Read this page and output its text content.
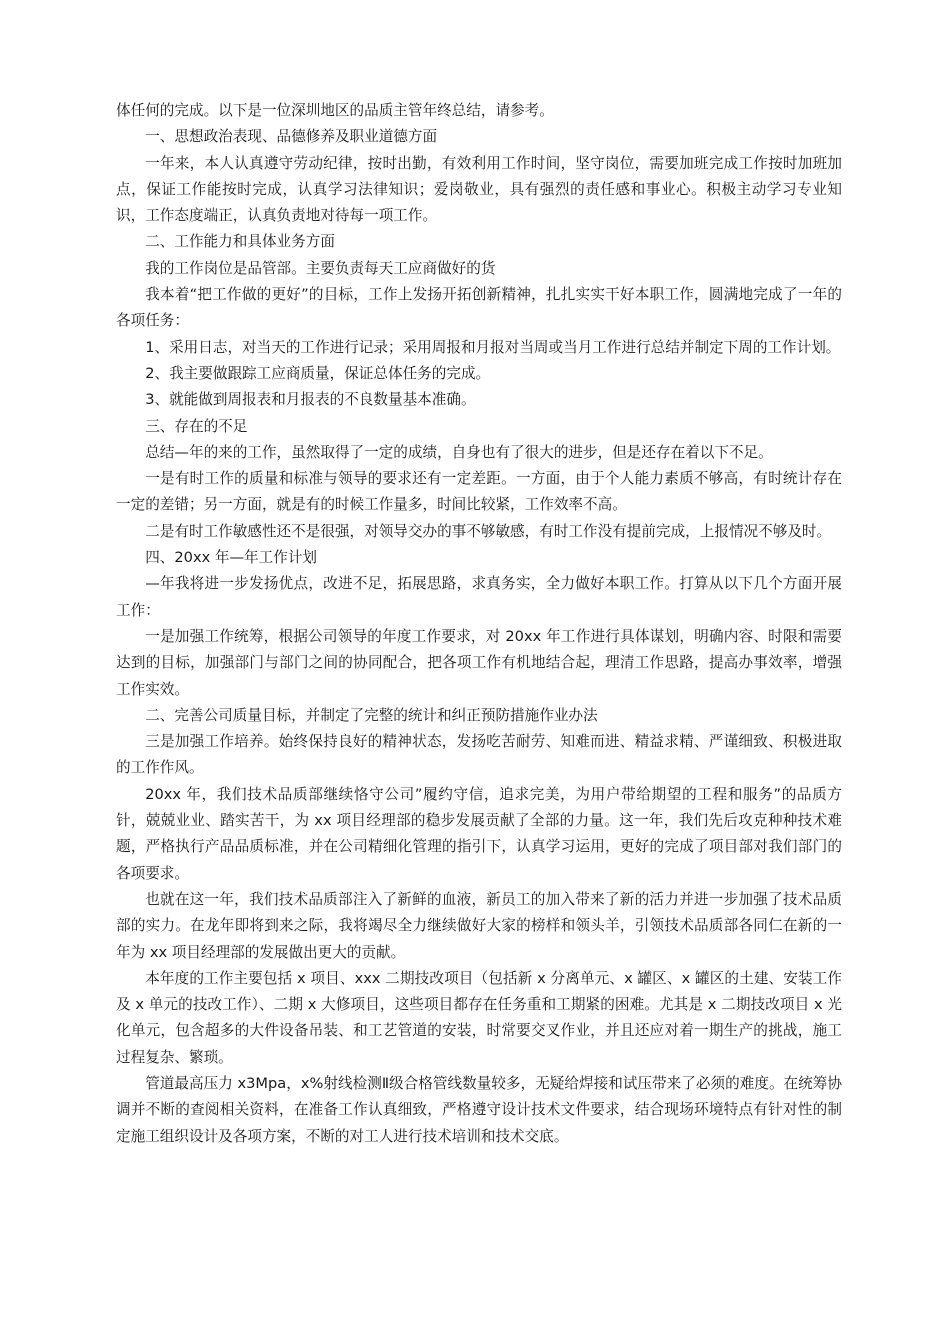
体任何的完成。以下是一位深圳地区的品质主管年终总结，请参考。

一、思想政治表现、品德修养及职业道德方面

一年来，本人认真遵守劳动纪律，按时出勤，有效利用工作时间，坚守岗位，需要加班完成工作按时加班加点，保证工作能按时完成，认真学习法律知识；爱岗敬业，具有强烈的责任感和事业心。积极主动学习专业知识，工作态度端正，认真负责地对待每一项工作。

二、工作能力和具体业务方面

我的工作岗位是品管部。主要负责每天工应商做好的货

我本着“把工作做的更好”的目标，工作上发扬开拓创新精神，扎扎实实干好本职工作，圆满地完成了一年的各项任务：

1、采用日志，对当天的工作进行记录；采用周报和月报对当周或当月工作进行总结并制定下周的工作计划。

2、我主要做跟踪工应商质量，保证总体任务的完成。

3、就能做到周报表和月报表的不良数量基本准确。

三、存在的不足

总结—年的来的工作，虽然取得了一定的成绩，自身也有了很大的进步，但是还存在着以下不足。

一是有时工作的质量和标准与领导的要求还有一定差距。一方面，由于个人能力素质不够高，有时统计存在一定的差错；另一方面，就是有的时候工作量多，时间比较紧，工作效率不高。

二是有时工作敏感性还不是很强，对领导交办的事不够敏感，有时工作没有提前完成，上报情况不够及时。

四、20xx 年—年工作计划

—年我将进一步发扬优点，改进不足，拓展思路，求真务实，全力做好本职工作。打算从以下几个方面开展工作：

一是加强工作统筹，根据公司领导的年度工作要求，对 20xx 年工作进行具体谋划，明确内容、时限和需要达到的目标，加强部门与部门之间的协同配合，把各项工作有机地结合起，理清工作思路，提高办事效率，增强工作实效。

二、完善公司质量目标，并制定了完整的统计和纠正预防措施作业办法

三是加强工作培养。始终保持良好的精神状态，发扬吃苦耐劳、知难而进、精益求精、严谨细致、积极进取的工作作风。

20xx 年，我们技术品质部继续恪守公司”履约守信，追求完美，为用户带给期望的工程和服务”的品质方针，兢兢业业、踏实苦干，为 xx 项目经理部的稳步发展贡献了全部的力量。这一年，我们先后攻克种种技术难题，严格执行产品品质标准，并在公司精细化管理的指引下，认真学习运用，更好的完成了项目部对我们部门的各项要求。

也就在这一年，我们技术品质部注入了新鲜的血液，新员工的加入带来了新的活力并进一步加强了技术品质部的实力。在龙年即将到来之际，我将竭尽全力继续做好大家的榜样和领头羊，引领技术品质部各同仁在新的一年为 xx 项目经理部的发展做出更大的贡献。

本年度的工作主要包括 x 项目、xxx 二期技改项目（包括新 x 分离单元、x 罐区、x 罐区的土建、安装工作及 x 单元的技改工作）、二期 x 大修项目，这些项目都存在任务重和工期紧的困难。尤其是 x 二期技改项目 x 光化单元，包含超多的大件设备吊装、和工艺管道的安装，时常要交叉作业，并且还应对着一期生产的挑战，施工过程复杂、繁琐。

管道最高压力 x3Mpa，x%射线检测Ⅱ级合格管线数量较多，无疑给焊接和试压带来了必须的难度。在统筹协调并不断的查阅相关资料，在准备工作认真细致，严格遵守设计技术文件要求，结合现场环境特点有针对性的制定施工组织设计及各项方案，不断的对工人进行技术培训和技术交底。
